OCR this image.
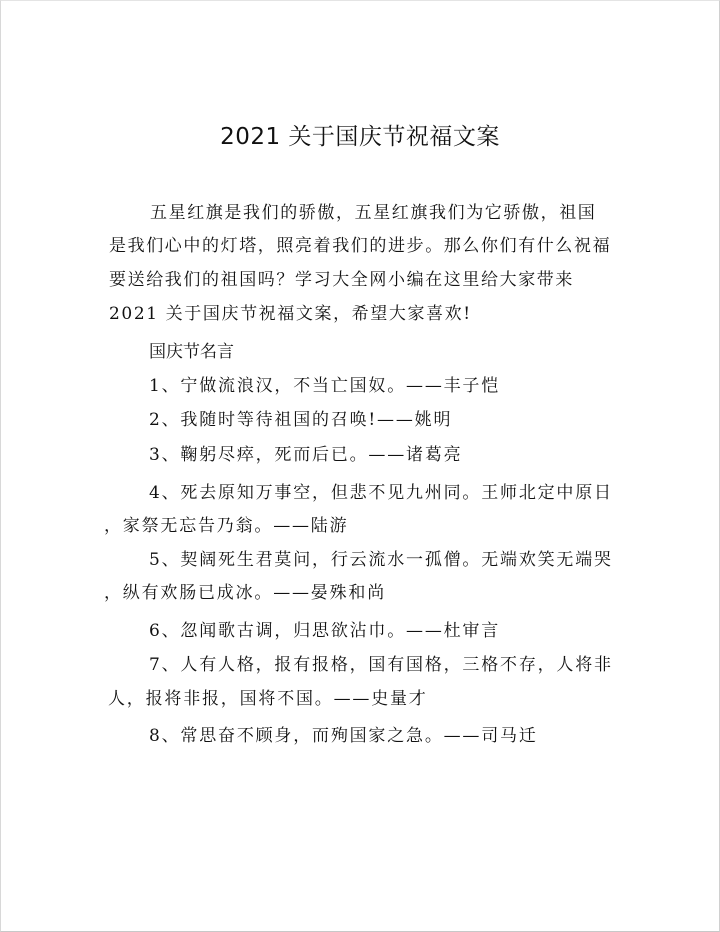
2021 关于国庆节祝福文案
五星红旗是我们的骄傲，五星红旗我们为它骄傲，祖国
是我们心中的灯塔，照亮着我们的进步。那么你们有什么祝福
要送给我们的祖国吗？学习大全网小编在这里给大家带来
2021 关于国庆节祝福文案，希望大家喜欢!
国庆节名言
1、宁做流浪汉，不当亡国奴。——丰子恺
2、我随时等待祖国的召唤!——姚明
3、鞠躬尽瘁，死而后已。——诸葛亮
4、死去原知万事空，但悲不见九州同。王师北定中原日
，家祭无忘告乃翁。——陆游
5、契阔死生君莫问，行云流水一孤僧。无端欢笑无端哭
，纵有欢肠已成冰。——晏殊和尚
6、忽闻歌古调，归思欲沾巾。——杜审言
7、人有人格，报有报格，国有国格，三格不存，人将非
人，报将非报，国将不国。——史量才
8、常思奋不顾身，而殉国家之急。——司马迁
